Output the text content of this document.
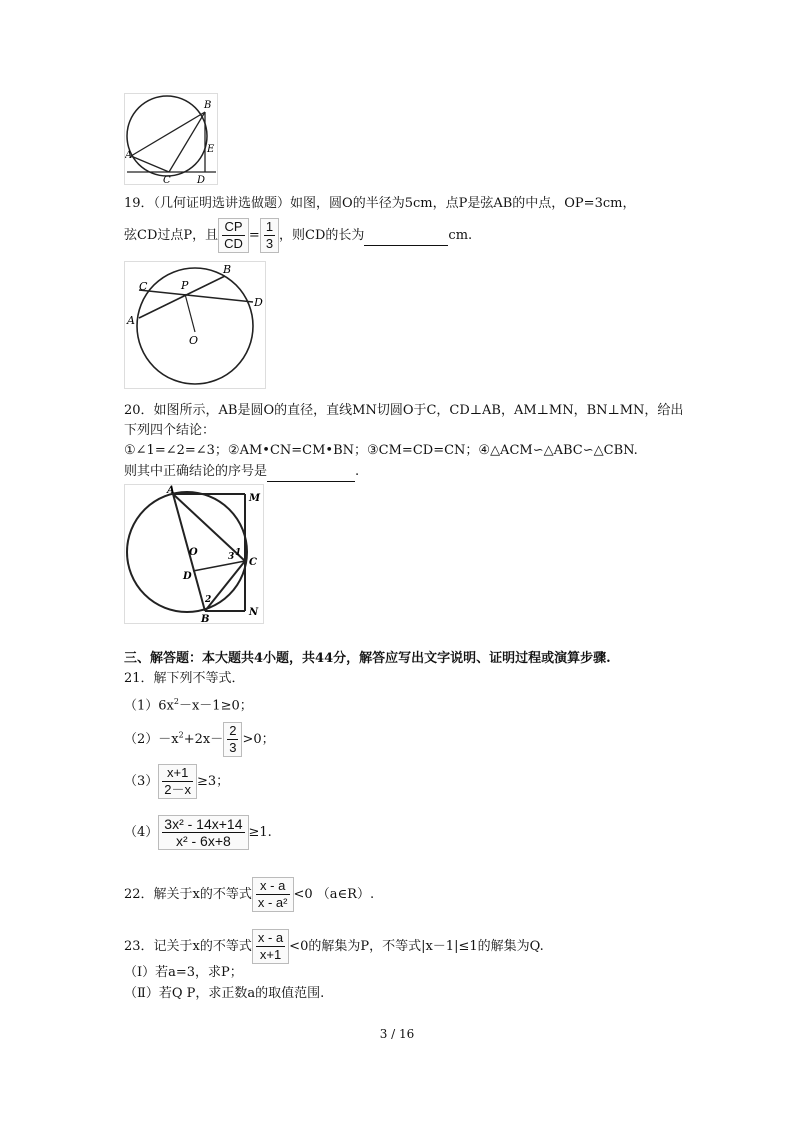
B
A
C	D
E
19．（几何证明选讲选做题）如图，圆O的半径为5cm，点P是弦AB的中点，OP=3cm，
弦CD过点P，且 $\frac{CP}{CD} = \frac{1}{3}$ ，则CD的长为	cm.
B
C	P
D
A
O
20．如图所示，AB是圆O的直径，直线MN切圆O于C，CD⊥AB，AM⊥MN，BN⊥MN，给出
下列四个结论：
①∠1=∠2=∠3；②AM•CN=CM•BN；③CM=CD=CN；④△ACM∽△ABC∽△CBN.
则其中正确结论的序号是	.
A
M
O
D
C
1
3
2
B
N
三、解答题：本大题共4小题，共44分，解答应写出文字说明、证明过程或演算步骤.
21．解下列不等式．
$(1)6x^2-x-1\ge 0$；
$(2)-x^2+2x- \frac{2}{3} >0$；
$(3) \frac{x+1}{2-x} \ge 3$；
$(4) \frac{\text{3x² - 14x+14}}{\text{x² - 6x+8}} \ge 1$.
22．解关于x的不等式 $\frac{x - a}{\text{x - a²}} <0$ （a∈R）.
23．记关于x的不等式 $\frac{x - a}{x+1} <0$的解集为P，不等式|x－1|≤1的解集为Q.
（Ⅰ）若a=3，求P；
（Ⅱ）若Q P，求正数a的取值范围.
3 / 16
